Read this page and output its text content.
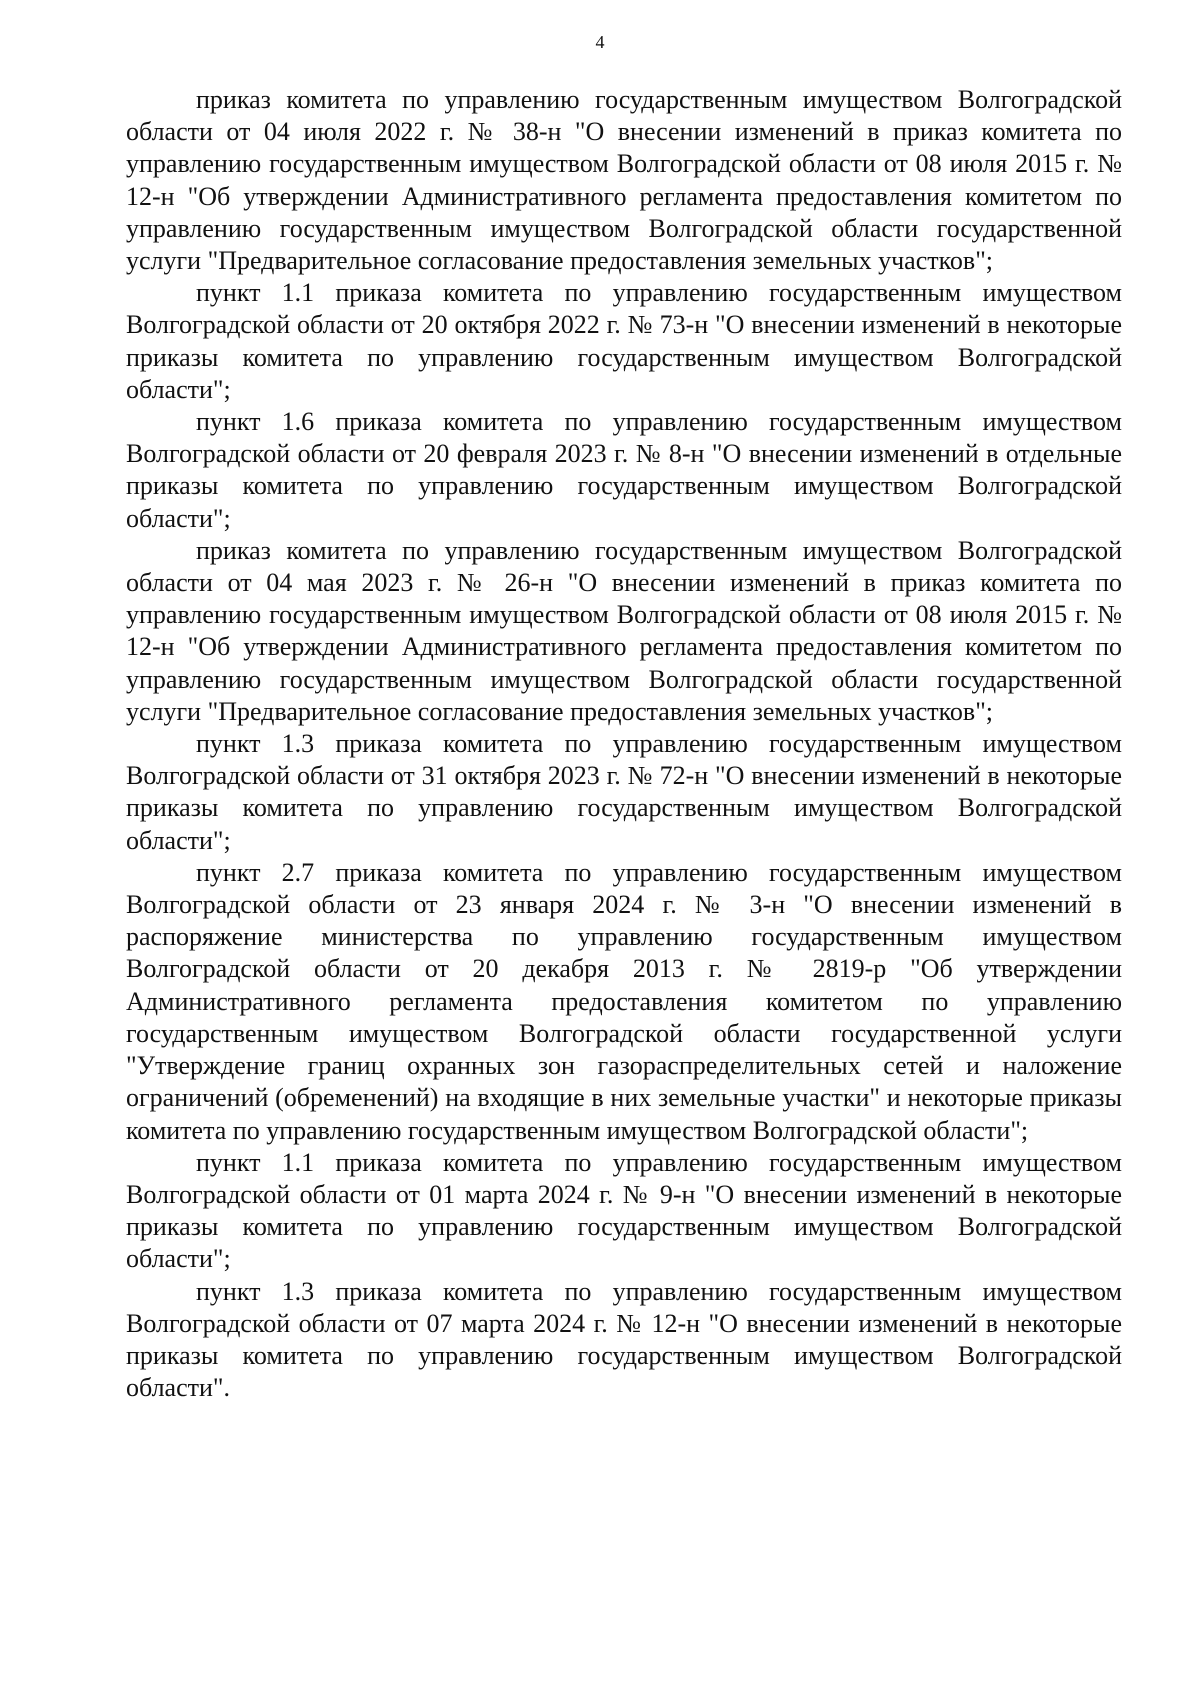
4

приказ комитета по управлению государственным имуществом Волгоградской области от 04 июля 2022 г. № 38-н "О внесении изменений в приказ комитета по управлению государственным имуществом Волгоградской области от 08 июля 2015 г. № 12-н "Об утверждении Административного регламента предоставления комитетом по управлению государственным имуществом Волгоградской области государственной услуги "Предварительное согласование предоставления земельных участков";

пункт 1.1 приказа комитета по управлению государственным имуществом Волгоградской области от 20 октября 2022 г. № 73-н "О внесении изменений в некоторые приказы комитета по управлению государственным имуществом Волгоградской области";

пункт 1.6 приказа комитета по управлению государственным имуществом Волгоградской области от 20 февраля 2023 г. № 8-н "О внесении изменений в отдельные приказы комитета по управлению государственным имуществом Волгоградской области";

приказ комитета по управлению государственным имуществом Волгоградской области от 04 мая 2023 г. № 26-н "О внесении изменений в приказ комитета по управлению государственным имуществом Волгоградской области от 08 июля 2015 г. № 12-н "Об утверждении Административного регламента предоставления комитетом по управлению государственным имуществом Волгоградской области государственной услуги "Предварительное согласование предоставления земельных участков";

пункт 1.3 приказа комитета по управлению государственным имуществом Волгоградской области от 31 октября 2023 г. № 72-н "О внесении изменений в некоторые приказы комитета по управлению государственным имуществом Волгоградской области";

пункт 2.7 приказа комитета по управлению государственным имуществом Волгоградской области от 23 января 2024 г. № 3-н "О внесении изменений в распоряжение министерства по управлению государственным имуществом Волгоградской области от 20 декабря 2013 г. № 2819-р "Об утверждении Административного регламента предоставления комитетом по управлению государственным имуществом Волгоградской области государственной услуги "Утверждение границ охранных зон газораспределительных сетей и наложение ограничений (обременений) на входящие в них земельные участки" и некоторые приказы комитета по управлению государственным имуществом Волгоградской области";

пункт 1.1 приказа комитета по управлению государственным имуществом Волгоградской области от 01 марта 2024 г. № 9-н "О внесении изменений в некоторые приказы комитета по управлению государственным имуществом Волгоградской области";

пункт 1.3 приказа комитета по управлению государственным имуществом Волгоградской области от 07 марта 2024 г. № 12-н "О внесении изменений в некоторые приказы комитета по управлению государственным имуществом Волгоградской области".
